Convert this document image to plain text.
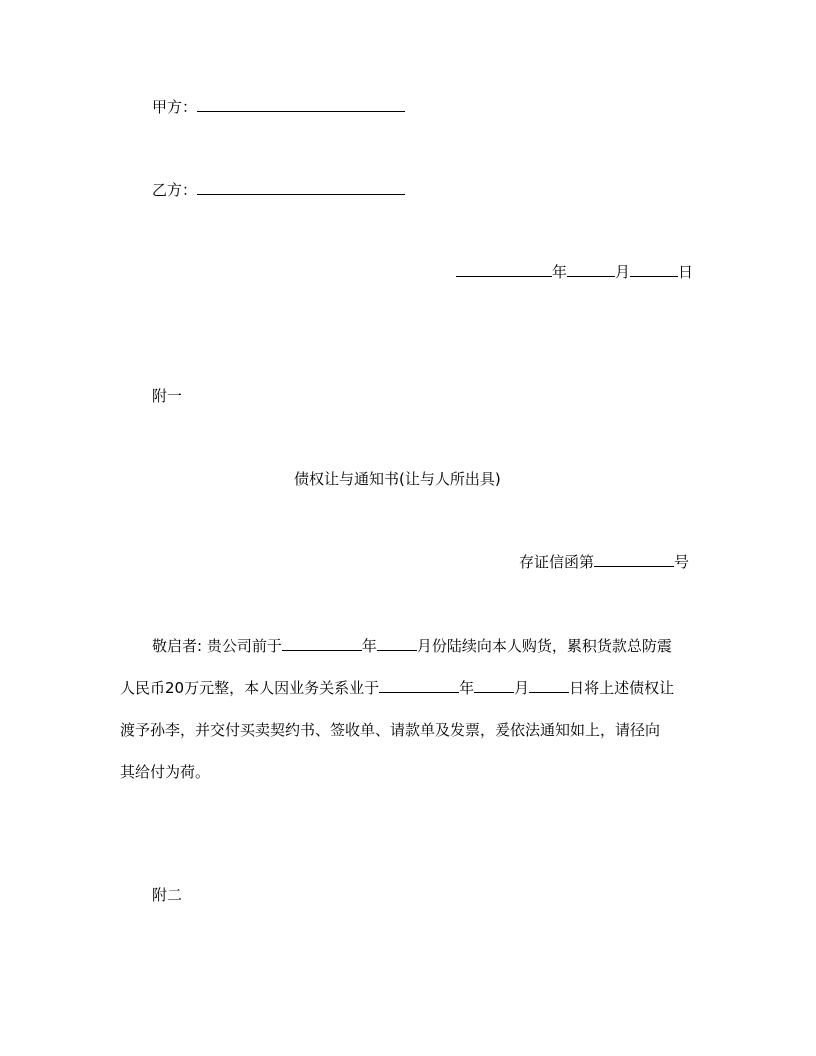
甲方：
乙方：
年	月	日
附一
债权让与通知书(让与人所出具)
存证信函第	号
敬启者: 贵公司前于	年	月份陆续向本人购货，累积货款总防震
人民币20万元整，本人因业务关系业于	年	月	日将上述债权让
渡予孙李，并交付买卖契约书、签收单、请款单及发票，爰依法通知如上，请径向
其给付为荷。
附二
